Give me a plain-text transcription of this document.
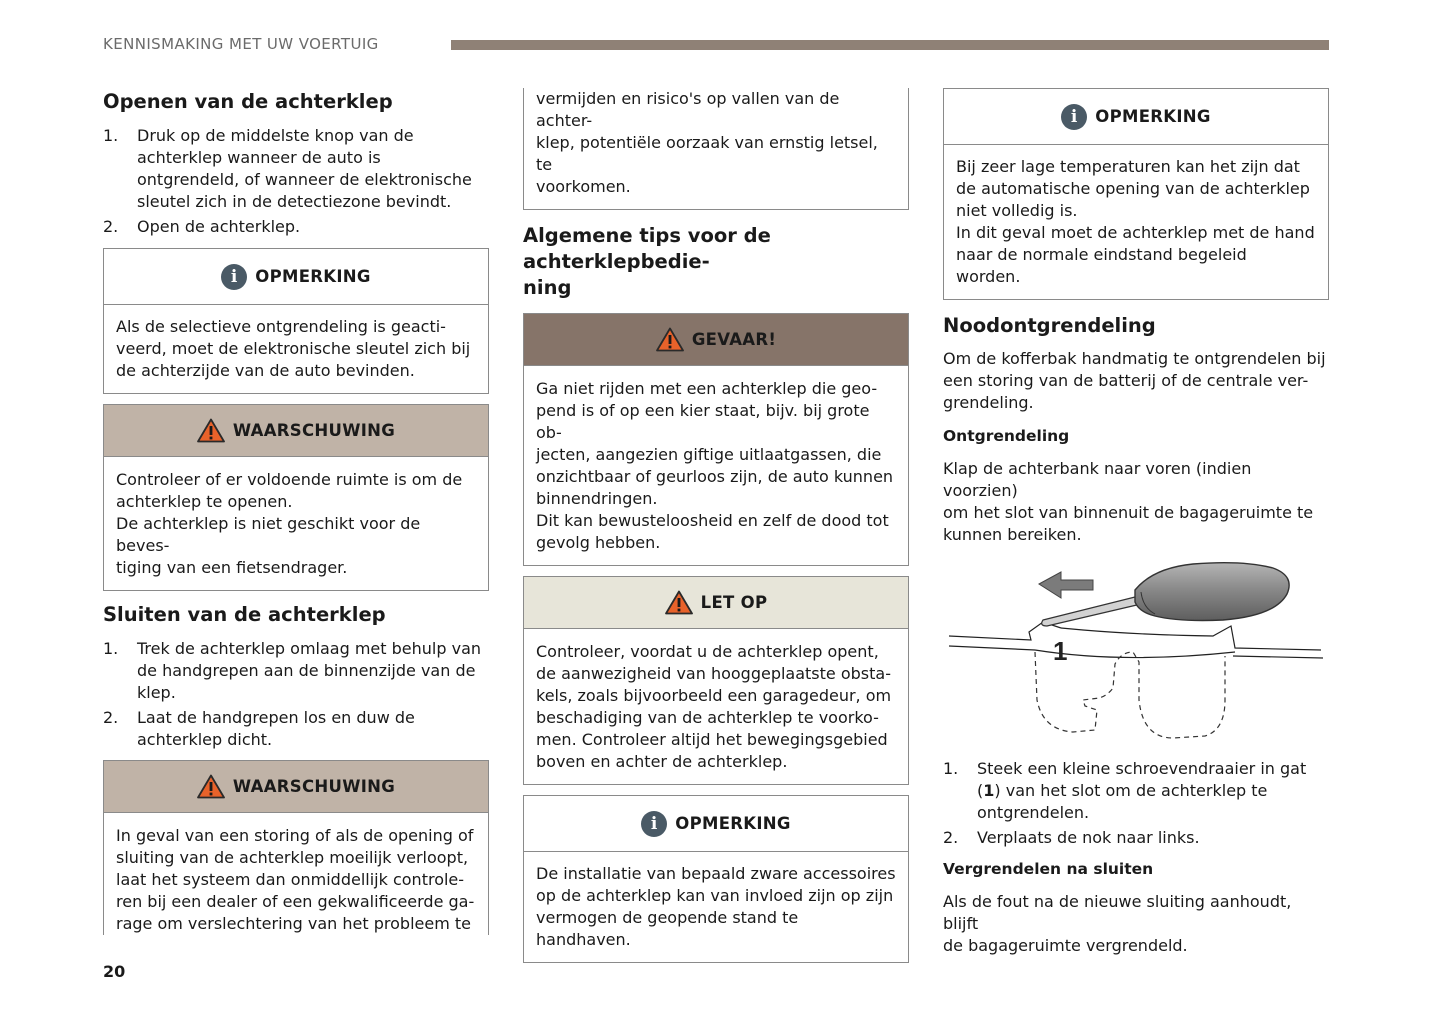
KENNISMAKING MET UW VOERTUIG
Openen van de achterklep
1.	Druk op de middelste knop van de achterklep wanneer de auto is ontgrendeld, of wanneer de elektronische sleutel zich in de detectiezone bevindt.
2.	Open de achterklep.
i	OPMERKING
Als de selectieve ontgrendeling is geacti-
veerd, moet de elektronische sleutel zich bij
de achterzijde van de auto bevinden.
WAARSCHUWING
Controleer of er voldoende ruimte is om de
achterklep te openen.
De achterklep is niet geschikt voor de beves-
tiging van een fietsendrager.
Sluiten van de achterklep
1.	Trek de achterklep omlaag met behulp van de handgrepen aan de binnenzijde van de klep.
2.	Laat de handgrepen los en duw de achterklep dicht.
WAARSCHUWING
In geval van een storing of als de opening of
sluiting van de achterklep moeilijk verloopt,
laat het systeem dan onmiddellijk controle-
ren bij een dealer of een gekwalificeerde ga-
rage om verslechtering van het probleem te
vermijden en risico's op vallen van de achter-
klep, potentiële oorzaak van ernstig letsel, te
voorkomen.
Algemene tips voor de achterklepbedie-
ning
GEVAAR!
Ga niet rijden met een achterklep die geo-
pend is of op een kier staat, bijv. bij grote ob-
jecten, aangezien giftige uitlaatgassen, die
onzichtbaar of geurloos zijn, de auto kunnen
binnendringen.
Dit kan bewusteloosheid en zelf de dood tot
gevolg hebben.
LET OP
Controleer, voordat u de achterklep opent,
de aanwezigheid van hooggeplaatste obsta-
kels, zoals bijvoorbeeld een garagedeur, om
beschadiging van de achterklep te voorko-
men. Controleer altijd het bewegingsgebied
boven en achter de achterklep.
i	OPMERKING
De installatie van bepaald zware accessoires
op de achterklep kan van invloed zijn op zijn
vermogen de geopende stand te handhaven.
i	OPMERKING
Bij zeer lage temperaturen kan het zijn dat
de automatische opening van de achterklep
niet volledig is.
In dit geval moet de achterklep met de hand
naar de normale eindstand begeleid worden.
Noodontgrendeling
Om de kofferbak handmatig te ontgrendelen bij
een storing van de batterij of de centrale ver-
grendeling.
Ontgrendeling
Klap de achterbank naar voren (indien voorzien)
om het slot van binnenuit de bagageruimte te
kunnen bereiken.
1
1.	Steek een kleine schroevendraaier in gat (1) van het slot om de achterklep te ontgrendelen.
2.	Verplaats de nok naar links.
Vergrendelen na sluiten
Als de fout na de nieuwe sluiting aanhoudt, blijft
de bagageruimte vergrendeld.
20
